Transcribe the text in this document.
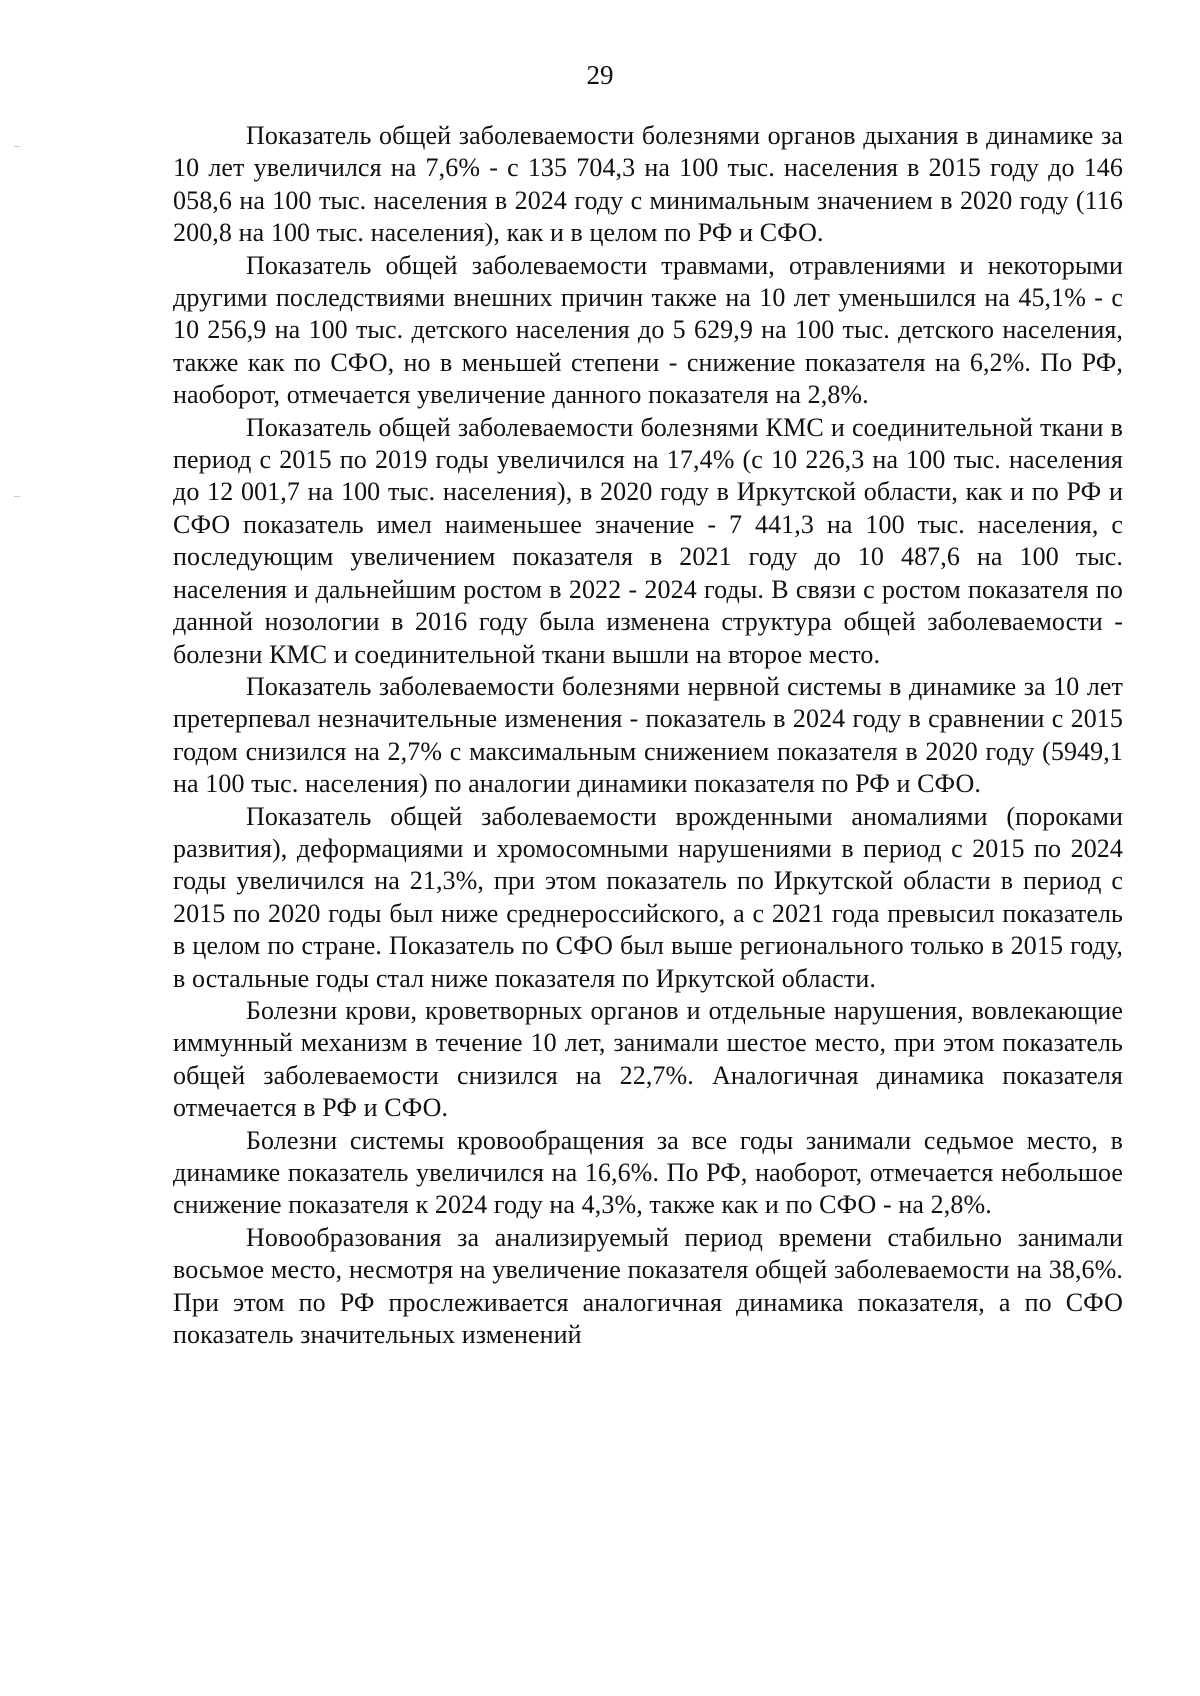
29

Показатель общей заболеваемости болезнями органов дыхания в динамике за 10 лет увеличился на 7,6% - с 135 704,3 на 100 тыс. населения в 2015 году до 146 058,6 на 100 тыс. населения в 2024 году с минимальным значением в 2020 году (116 200,8 на 100 тыс. населения), как и в целом по РФ и СФО.

Показатель общей заболеваемости травмами, отравлениями и некоторыми другими последствиями внешних причин также на 10 лет уменьшился на 45,1% - с 10 256,9 на 100 тыс. детского населения до 5 629,9 на 100 тыс. детского населения, также как по СФО, но в меньшей степени - снижение показателя на 6,2%. По РФ, наоборот, отмечается увеличение данного показателя на 2,8%.

Показатель общей заболеваемости болезнями КМС и соединительной ткани в период с 2015 по 2019 годы увеличился на 17,4% (с 10 226,3 на 100 тыс. населения до 12 001,7 на 100 тыс. населения), в 2020 году в Иркутской области, как и по РФ и СФО показатель имел наименьшее значение - 7 441,3 на 100 тыс. населения, с последующим увеличением показателя в 2021 году до 10 487,6 на 100 тыс. населения и дальнейшим ростом в 2022 - 2024 годы. В связи с ростом показателя по данной нозологии в 2016 году была изменена структура общей заболеваемости - болезни КМС и соединительной ткани вышли на второе место.

Показатель заболеваемости болезнями нервной системы в динамике за 10 лет претерпевал незначительные изменения - показатель в 2024 году в сравнении с 2015 годом снизился на 2,7% с максимальным снижением показателя в 2020 году (5949,1 на 100 тыс. населения) по аналогии динамики показателя по РФ и СФО.

Показатель общей заболеваемости врожденными аномалиями (пороками развития), деформациями и хромосомными нарушениями в период с 2015 по 2024 годы увеличился на 21,3%, при этом показатель по Иркутской области в период с 2015 по 2020 годы был ниже среднероссийского, а с 2021 года превысил показатель в целом по стране. Показатель по СФО был выше регионального только в 2015 году, в остальные годы стал ниже показателя по Иркутской области.

Болезни крови, кроветворных органов и отдельные нарушения, вовлекающие иммунный механизм в течение 10 лет, занимали шестое место, при этом показатель общей заболеваемости снизился на 22,7%. Аналогичная динамика показателя отмечается в РФ и СФО.

Болезни системы кровообращения за все годы занимали седьмое место, в динамике показатель увеличился на 16,6%. По РФ, наоборот, отмечается небольшое снижение показателя к 2024 году на 4,3%, также как и по СФО - на 2,8%.

Новообразования за анализируемый период времени стабильно занимали восьмое место, несмотря на увеличение показателя общей заболеваемости на 38,6%. При этом по РФ прослеживается аналогичная динамика показателя, а по СФО показатель значительных изменений
